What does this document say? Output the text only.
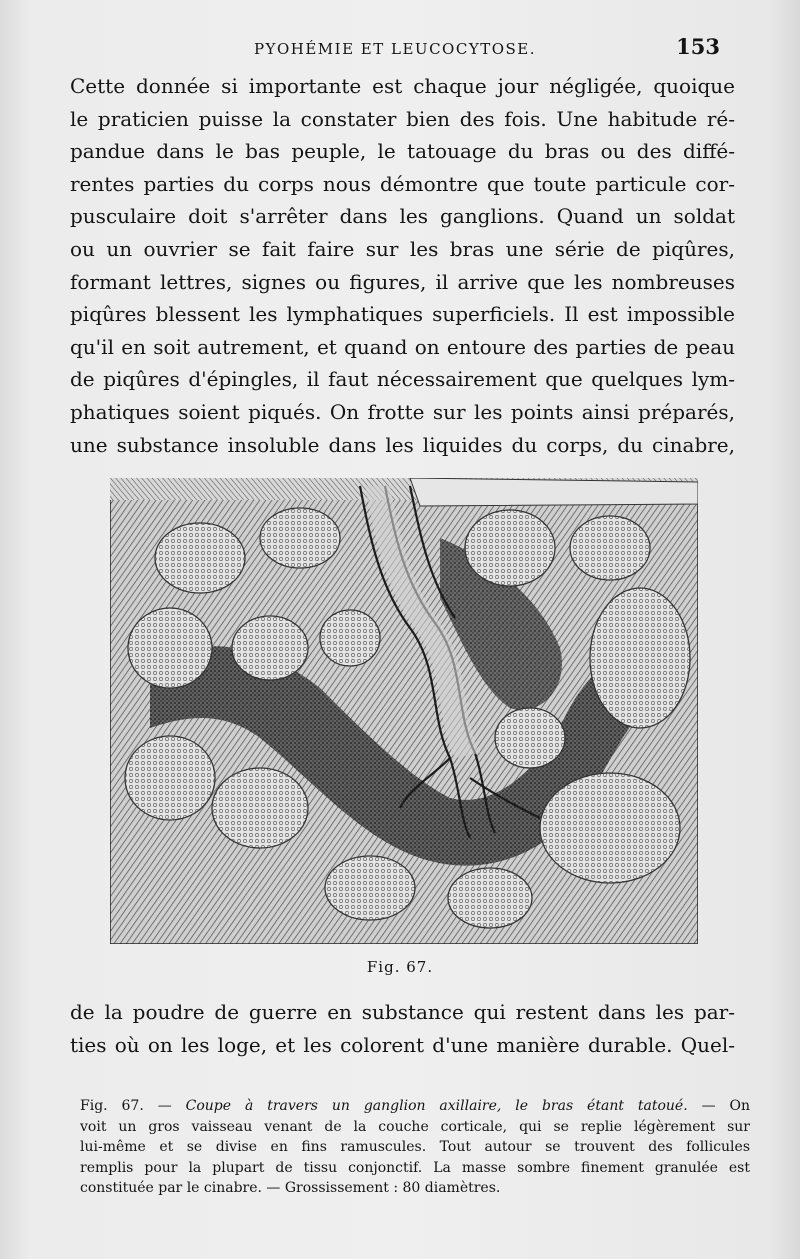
PYOHÉMIE ET LEUCOCYTOSE.	153
Cette donnée si importante est chaque jour négligée, quoique
le praticien puisse la constater bien des fois. Une habitude ré-
pandue dans le bas peuple, le tatouage du bras ou des diffé-
rentes parties du corps nous démontre que toute particule cor-
pusculaire doit s'arrêter dans les ganglions. Quand un soldat
ou un ouvrier se fait faire sur les bras une série de piqûres,
formant lettres, signes ou figures, il arrive que les nombreuses
piqûres blessent les lymphatiques superficiels. Il est impossible
qu'il en soit autrement, et quand on entoure des parties de peau
de piqûres d'épingles, il faut nécessairement que quelques lym-
phatiques soient piqués. On frotte sur les points ainsi préparés,
une substance insoluble dans les liquides du corps, du cinabre,
Fig. 67.
de la poudre de guerre en substance qui restent dans les par-
ties où on les loge, et les colorent d'une manière durable. Quel-
Fig. 67. — Coupe à travers un ganglion axillaire, le bras étant tatoué. — On
voit un gros vaisseau venant de la couche corticale, qui se replie légèrement sur
lui-même et se divise en fins ramuscules. Tout autour se trouvent des follicules
remplis pour la plupart de tissu conjonctif. La masse sombre finement granulée est
constituée par le cinabre. — Grossissement : 80 diamètres.
